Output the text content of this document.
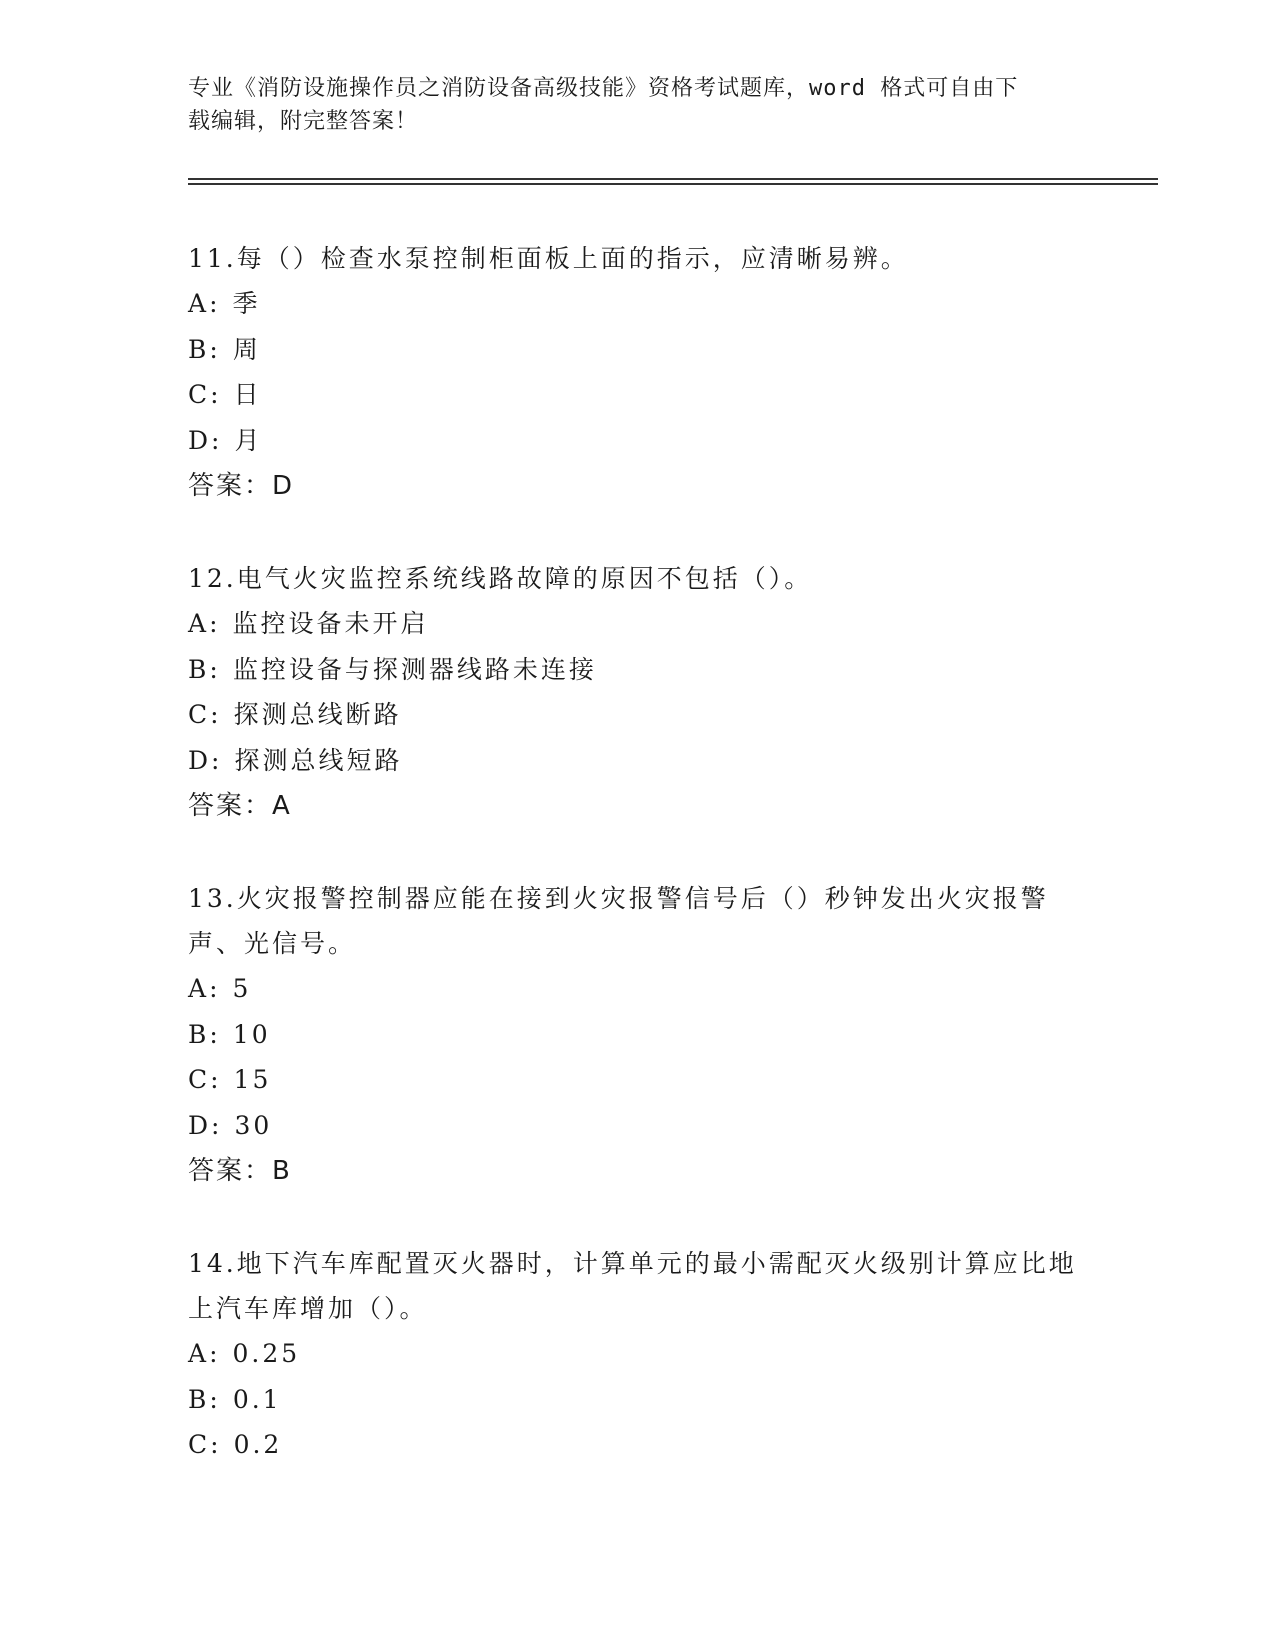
专业《消防设施操作员之消防设备高级技能》资格考试题库，word 格式可自由下
载编辑，附完整答案！
11.每（）检查水泵控制柜面板上面的指示，应清晰易辨。
A : 季
B : 周
C : 日
D : 月
答案：D
12.电气火灾监控系统线路故障的原因不包括（）。
A : 监控设备未开启
B : 监控设备与探测器线路未连接
C : 探测总线断路
D : 探测总线短路
答案：A
13.火灾报警控制器应能在接到火灾报警信号后（）秒钟发出火灾报警声、光信号。
A : 5
B : 10
C : 15
D : 30
答案：B
14.地下汽车库配置灭火器时，计算单元的最小需配灭火级别计算应比地上汽车库增加（）。
A : 0.25
B : 0.1
C : 0.2
